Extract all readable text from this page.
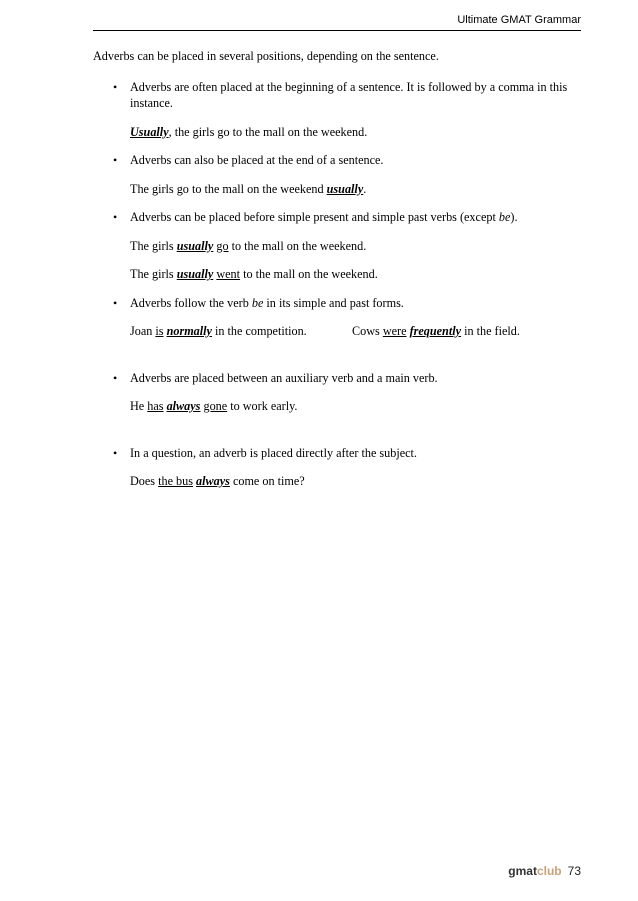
Ultimate GMAT Grammar

Adverbs can be placed in several positions, depending on the sentence.

• Adverbs are often placed at the beginning of a sentence. It is followed by a comma in this instance.

Usually, the girls go to the mall on the weekend.

• Adverbs can also be placed at the end of a sentence.

The girls go to the mall on the weekend usually.

• Adverbs can be placed before simple present and simple past verbs (except be).

The girls usually go to the mall on the weekend.

The girls usually went to the mall on the weekend.

• Adverbs follow the verb be in its simple and past forms.

Joan is normally in the competition.	Cows were frequently in the field.

• Adverbs are placed between an auxiliary verb and a main verb.

He has always gone to work early.

• In a question, an adverb is placed directly after the subject.

Does the bus always come on time?

gmatclub 73
